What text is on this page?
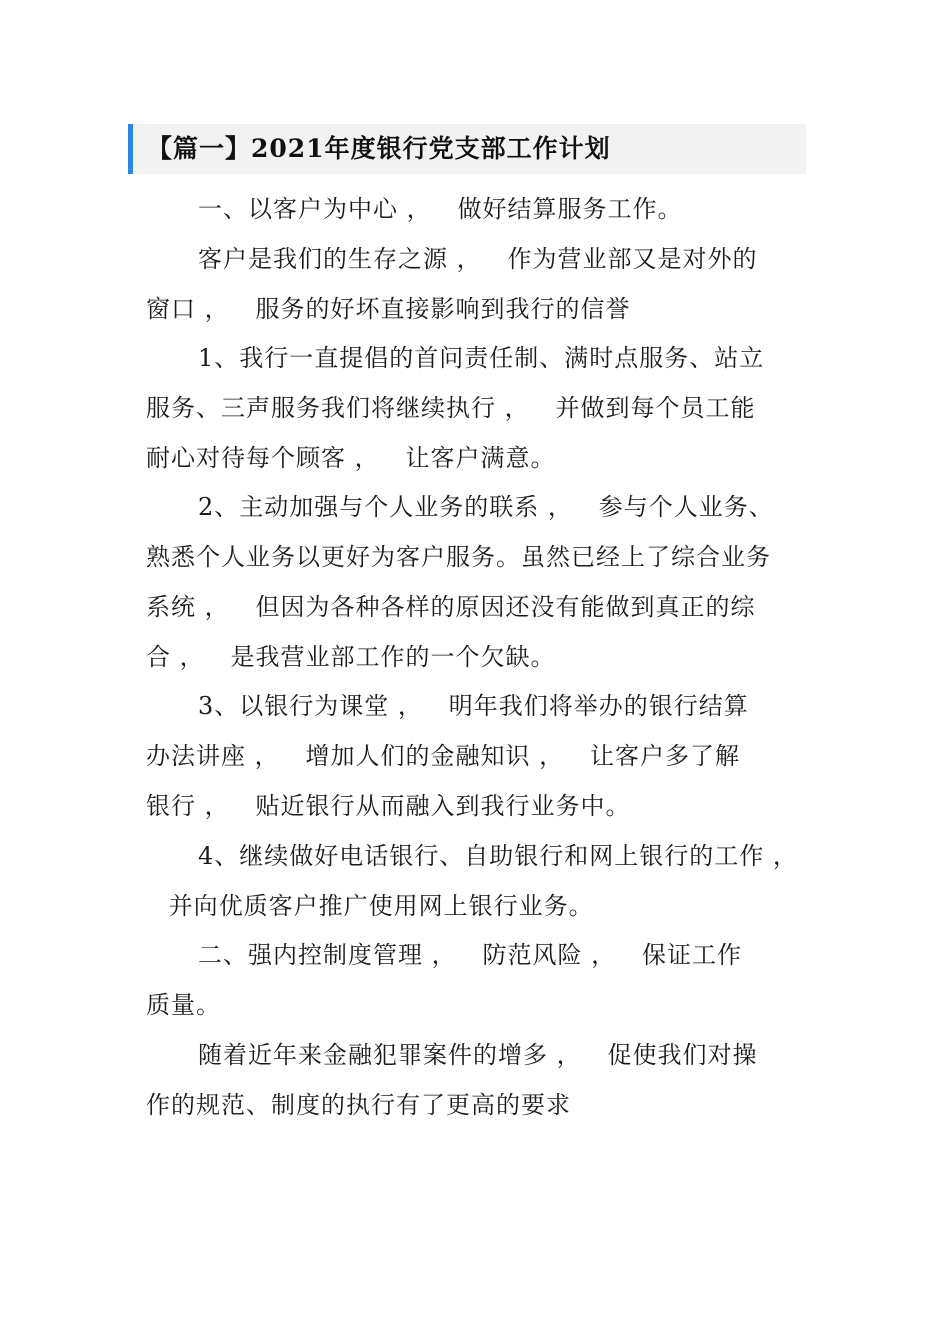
【篇一】2021年度银行党支部工作计划
一、以客户为中心 ，   做好结算服务工作。
客户是我们的生存之源 ，   作为营业部又是对外的
窗口 ，   服务的好坏直接影响到我行的信誉
1、我行一直提倡的首问责任制、满时点服务、站立
服务、三声服务我们将继续执行 ，   并做到每个员工能
耐心对待每个顾客 ，   让客户满意。
2、主动加强与个人业务的联系 ，   参与个人业务、
熟悉个人业务以更好为客户服务。虽然已经上了综合业务
系统 ，   但因为各种各样的原因还没有能做到真正的综
合 ，   是我营业部工作的一个欠缺。
3、以银行为课堂 ，   明年我们将举办的银行结算
办法讲座 ，   增加人们的金融知识 ，   让客户多了解
银行 ，   贴近银行从而融入到我行业务中。
4、继续做好电话银行、自助银行和网上银行的工作 ，
并向优质客户推广使用网上银行业务。
二、强内控制度管理 ，   防范风险 ，   保证工作
质量。
随着近年来金融犯罪案件的增多 ，   促使我们对操
作的规范、制度的执行有了更高的要求
